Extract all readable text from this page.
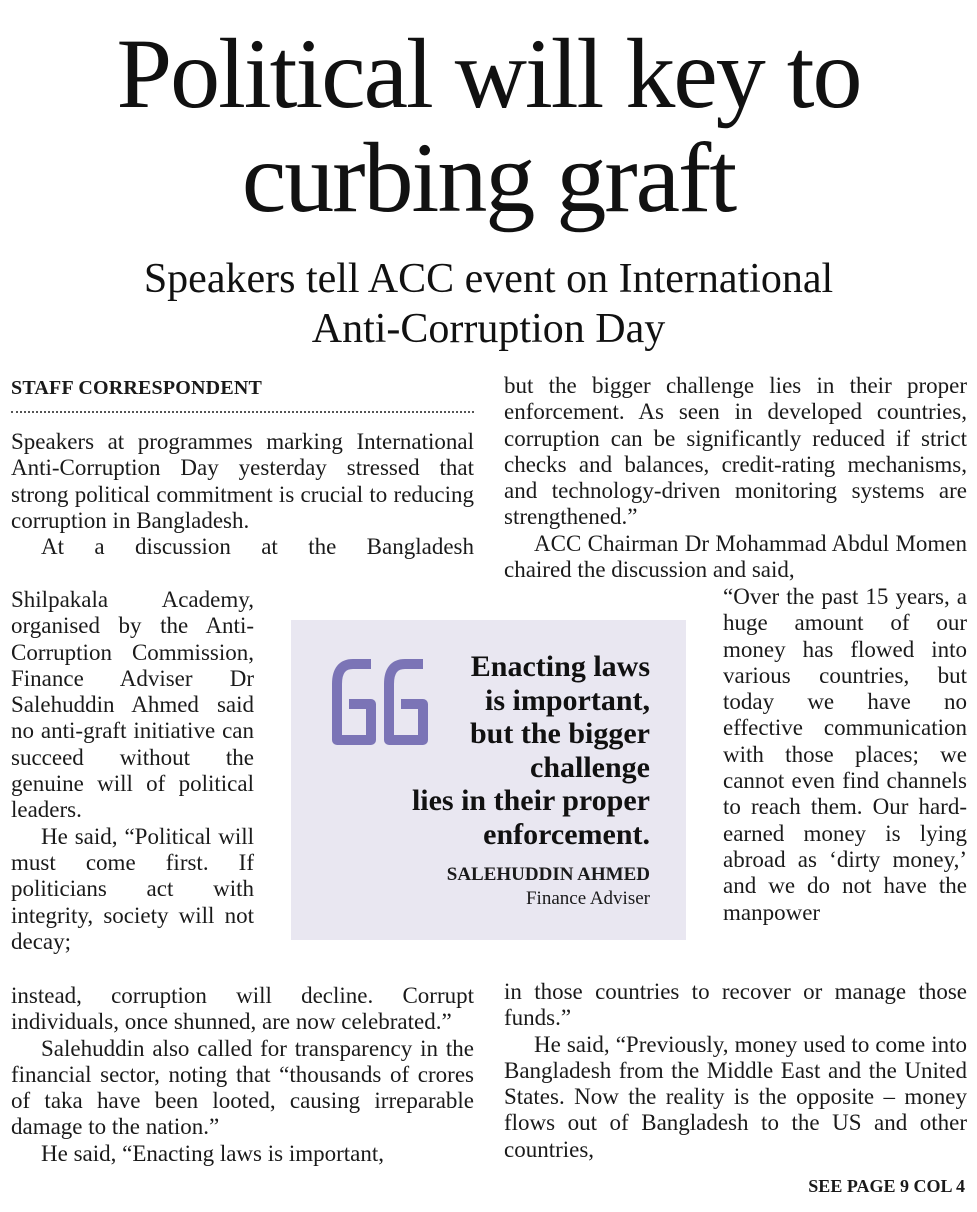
Political will key to
curbing graft
Speakers tell ACC event on International
Anti-Corruption Day
STAFF CORRESPONDENT

Speakers at programmes marking International Anti-Corruption Day yesterday stressed that strong political commitment is crucial to reducing corruption in Bangladesh.

At a discussion at the Bangladesh

Shilpakala Academy, organised by the Anti-Corruption Commission, Finance Adviser Dr Salehuddin Ahmed said no anti-graft initiative can succeed without the genuine will of political leaders.

He said, “Political will must come first. If politicians act with integrity, society will not decay;

instead, corruption will decline. Corrupt individuals, once shunned, are now celebrated.”

Salehuddin also called for transparency in the financial sector, noting that “thousands of crores of taka have been looted, causing irreparable damage to the nation.”

He said, “Enacting laws is important,

but the bigger challenge lies in their proper enforcement. As seen in developed countries, corruption can be significantly reduced if strict checks and balances, credit-rating mechanisms, and technology-driven monitoring systems are strengthened.”

ACC Chairman Dr Mohammad Abdul Momen chaired the discussion and said,

“Over the past 15 years, a huge amount of our money has flowed into various countries, but today we have no effective communication with those places; we cannot even find channels to reach them. Our hard-earned money is lying abroad as ‘dirty money,’ and we do not have the manpower

in those countries to recover or manage those funds.”

He said, “Previously, money used to come into Bangladesh from the Middle East and the United States. Now the reality is the opposite – money flows out of Bangladesh to the US and other countries,

Enacting laws
is important,
but the bigger
challenge
lies in their proper
enforcement.
SALEHUDDIN AHMED
Finance Adviser
SEE PAGE 9 COL 4
